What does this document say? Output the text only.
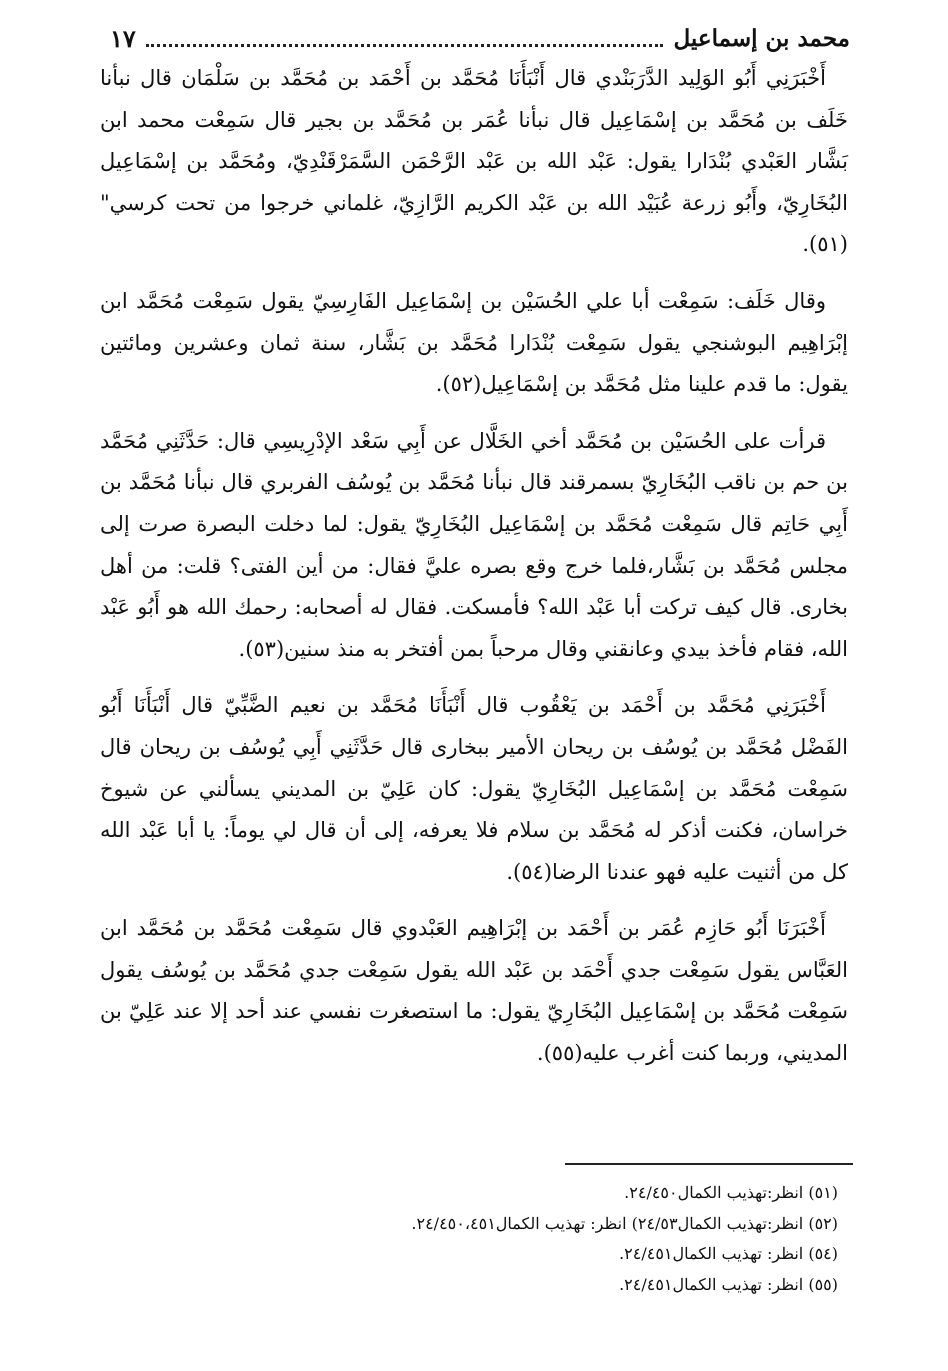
محمد بن إسماعيل
١٧

أَخْبَرَنِي أَبُو الوَلِيد الدَّرَبَنْدي قال أَنْبَأَنَا مُحَمَّد بن أَحْمَد بن مُحَمَّد بن سَلْمَان قال نبأنا خَلَف بن مُحَمَّد بن إسْمَاعِيل قال نبأنا عُمَر بن مُحَمَّد بن بجير قال سَمِعْت محمد ابن بَشَّار العَبْدي بُنْدَارا يقول: عَبْد الله بن عَبْد الرَّحْمَن السَّمَرْقَنْدِيّ، ومُحَمَّد بن إسْمَاعِيل البُخَارِيّ، وأَبُو زرعة عُبَيْد الله بن عَبْد الكريم الرَّازِيّ، غلماني خرجوا من تحت كرسي"(٥١).

وقال خَلَف: سَمِعْت أبا علي الحُسَيْن بن إسْمَاعِيل الفَارِسِيّ يقول سَمِعْت مُحَمَّد ابن إبْرَاهِيم البوشنجي يقول سَمِعْت بُنْدَارا مُحَمَّد بن بَشَّار، سنة ثمان وعشرين ومائتين يقول: ما قدم علينا مثل مُحَمَّد بن إسْمَاعِيل(٥٢).

قرأت على الحُسَيْن بن مُحَمَّد أخي الخَلَّال عن أَبِي سَعْد الإدْرِيسِي قال: حَدَّثَنِي مُحَمَّد بن حم بن ناقب البُخَارِيّ بسمرقند قال نبأنا مُحَمَّد بن يُوسُف الفربري قال نبأنا مُحَمَّد بن أَبِي حَاتِم قال سَمِعْت مُحَمَّد بن إسْمَاعِيل البُخَارِيّ يقول: لما دخلت البصرة صرت إلى مجلس مُحَمَّد بن بَشَّار،فلما خرج وقع بصره عليَّ فقال: من أين الفتى؟ قلت: من أهل بخارى. قال كيف تركت أبا عَبْد الله؟ فأمسكت. فقال له أصحابه: رحمك الله هو أَبُو عَبْد الله، فقام فأخذ بيدي وعانقني وقال مرحباً بمن أفتخر به منذ سنين(٥٣).

أَخْبَرَنِي مُحَمَّد بن أَحْمَد بن يَعْقُوب قال أَنْبَأَنَا مُحَمَّد بن نعيم الضَّبِّيّ قال أَنْبَأَنَا أَبُو الفَضْل مُحَمَّد بن يُوسُف بن ريحان الأمير ببخارى قال حَدَّثَنِي أَبِي يُوسُف بن ريحان قال سَمِعْت مُحَمَّد بن إسْمَاعِيل البُخَارِيّ يقول: كان عَلِيّ بن المديني يسألني عن شيوخ خراسان، فكنت أذكر له مُحَمَّد بن سلام فلا يعرفه، إلى أن قال لي يوماً: يا أبا عَبْد الله كل من أثنيت عليه فهو عندنا الرضا(٥٤).

أَخْبَرَنَا أَبُو حَازِم عُمَر بن أَحْمَد بن إبْرَاهِيم العَبْدوي قال سَمِعْت مُحَمَّد بن مُحَمَّد ابن العَبَّاس يقول سَمِعْت جدي أَحْمَد بن عَبْد الله يقول سَمِعْت جدي مُحَمَّد بن يُوسُف يقول سَمِعْت مُحَمَّد بن إسْمَاعِيل البُخَارِيّ يقول: ما استصغرت نفسي عند أحد إلا عند عَلِيّ بن المديني، وربما كنت أغرب عليه(٥٥).

(٥١) انظر:تهذيب الكمال٢٤/٤٥٠.
(٥٢) انظر:تهذيب الكمال٢٤/٥٣) انظر: تهذيب الكمال٢٤/٤٥٠،٤٥١.
(٥٤) انظر: تهذيب الكمال٢٤/٤٥١.
(٥٥) انظر: تهذيب الكمال٢٤/٤٥١.
